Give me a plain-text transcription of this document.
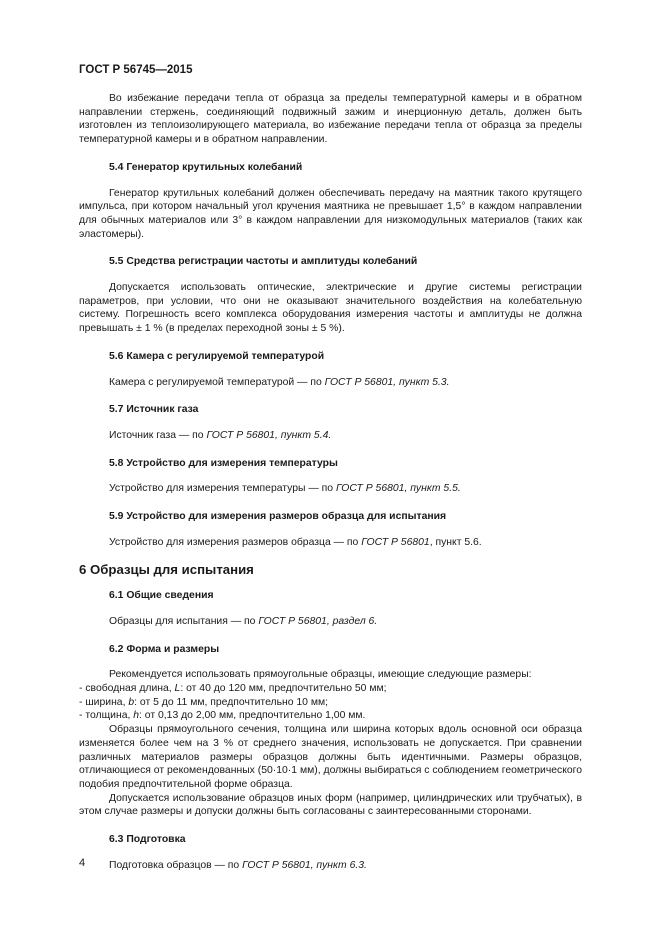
ГОСТ Р 56745—2015

Во избежание передачи тепла от образца за пределы температурной камеры и в обратном направлении стержень, соединяющий подвижный зажим и инерционную деталь, должен быть изготовлен из теплоизолирующего материала, во избежание передачи тепла от образца за пределы температурной камеры и в обратном направлении.

5.4 Генератор крутильных колебаний

Генератор крутильных колебаний должен обеспечивать передачу на маятник такого крутящего импульса, при котором начальный угол кручения маятника не превышает 1,5° в каждом направлении для обычных материалов или 3° в каждом направлении для низкомодульных материалов (таких как эластомеры).

5.5 Средства регистрации частоты и амплитуды колебаний

Допускается использовать оптические, электрические и другие системы регистрации параметров, при условии, что они не оказывают значительного воздействия на колебательную систему. Погрешность всего комплекса оборудования измерения частоты и амплитуды не должна превышать ± 1 % (в пределах переходной зоны ± 5 %).

5.6 Камера с регулируемой температурой

Камера с регулируемой температурой — по ГОСТ Р 56801, пункт 5.3.

5.7 Источник газа

Источник газа — по ГОСТ Р 56801, пункт 5.4.

5.8 Устройство для измерения температуры

Устройство для измерения температуры — по ГОСТ Р 56801, пункт 5.5.

5.9 Устройство для измерения размеров образца для испытания

Устройство для измерения размеров образца — по ГОСТ Р 56801, пункт 5.6.

6 Образцы для испытания

6.1 Общие сведения

Образцы для испытания — по ГОСТ Р 56801, раздел 6.

6.2 Форма и размеры

Рекомендуется использовать прямоугольные образцы, имеющие следующие размеры:

- свободная длина, L: от 40 до 120 мм, предпочтительно 50 мм;

- ширина, b: от 5 до 11 мм, предпочтительно 10 мм;

- толщина, h: от 0,13 до 2,00 мм, предпочтительно 1,00 мм.

Образцы прямоугольного сечения, толщина или ширина которых вдоль основной оси образца изменяется более чем на 3 % от среднего значения, использовать не допускается. При сравнении различных материалов размеры образцов должны быть идентичными. Размеры образцов, отличающиеся от рекомендованных (50·10·1 мм), должны выбираться с соблюдением геометрического подобия предпочтительной форме образца.

Допускается использование образцов иных форм (например, цилиндрических или трубчатых), в этом случае размеры и допуски должны быть согласованы с заинтересованными сторонами.

6.3 Подготовка

Подготовка образцов — по ГОСТ Р 56801, пункт 6.3.

4
